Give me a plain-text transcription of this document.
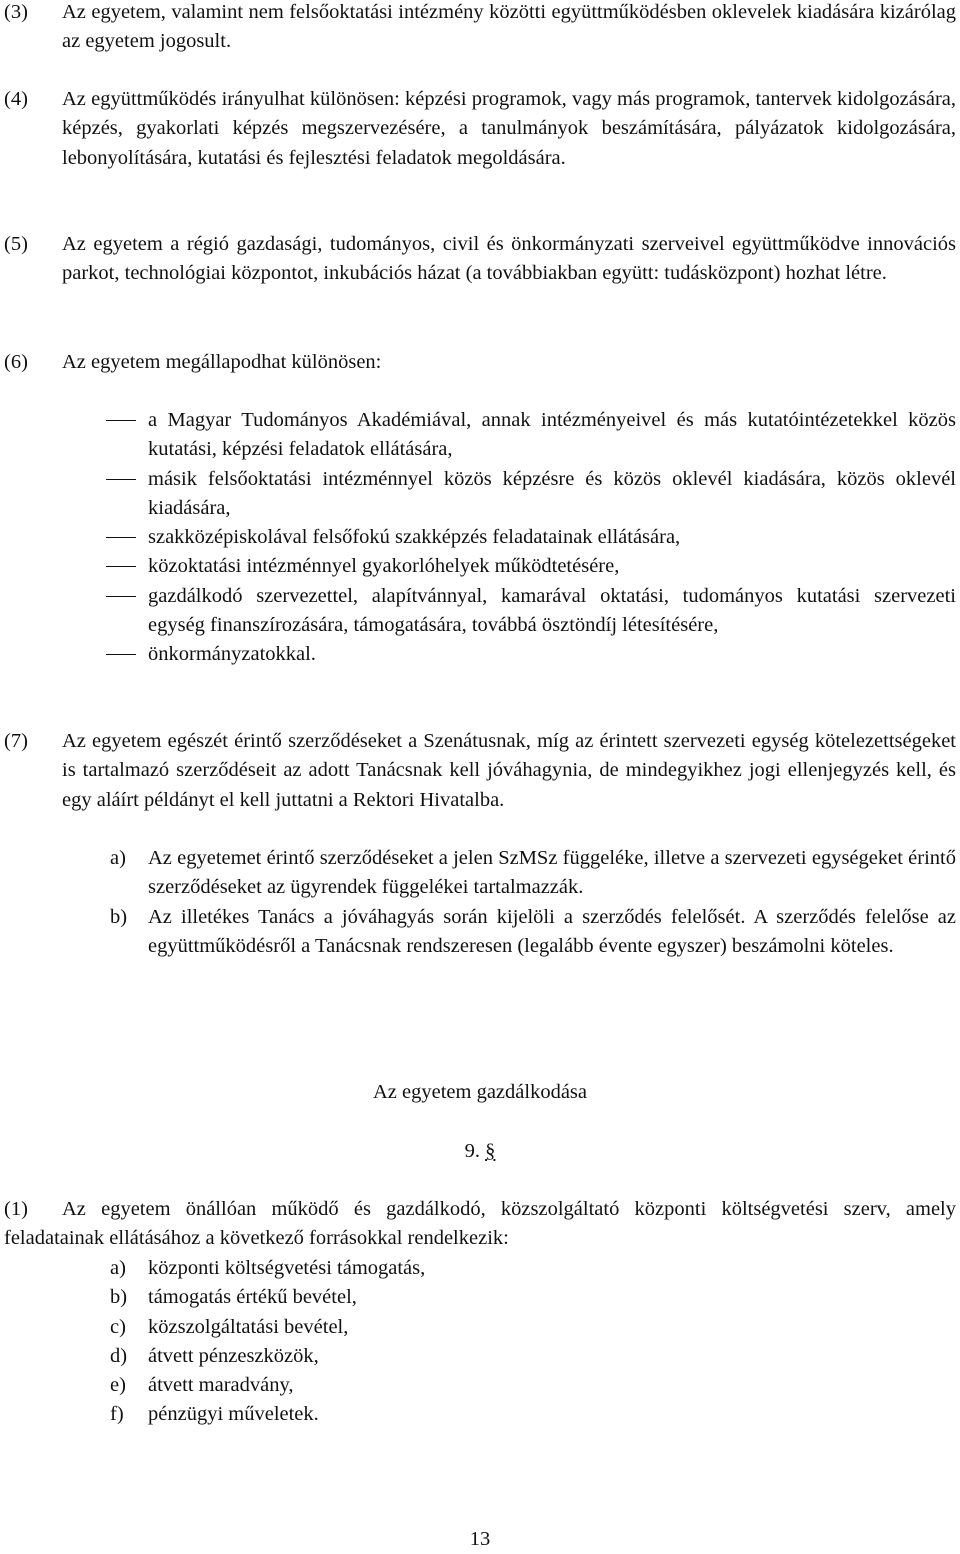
(3)	Az egyetem, valamint nem felsőoktatási intézmény közötti együttműködésben oklevelek kiadására kizárólag az egyetem jogosult.
(4)	Az együttműködés irányulhat különösen: képzési programok, vagy más programok, tantervek kidolgozására, képzés, gyakorlati képzés megszervezésére, a tanulmányok beszámítására, pályázatok kidolgozására, lebonyolítására, kutatási és fejlesztési feladatok megoldására.
(5)	Az egyetem a régió gazdasági, tudományos, civil és önkormányzati szerveivel együttműködve innovációs parkot, technológiai központot, inkubációs házat (a továbbiakban együtt: tudásközpont) hozhat létre.
(6)	Az egyetem megállapodhat különösen:
a Magyar Tudományos Akadémiával, annak intézményeivel és más kutatóintézetekkel közös kutatási, képzési feladatok ellátására,
másik felsőoktatási intézménnyel közös képzésre és közös oklevél kiadására, közös oklevél kiadására,
szakközépiskolával felsőfokú szakképzés feladatainak ellátására,
közoktatási intézménnyel gyakorlóhelyek működtetésére,
gazdálkodó szervezettel, alapítvánnyal, kamarával oktatási, tudományos kutatási szervezeti egység finanszírozására, támogatására, továbbá ösztöndíj létesítésére,
önkormányzatokkal.
(7)	Az egyetem egészét érintő szerződéseket a Szenátusnak, míg az érintett szervezeti egység kötelezettségeket is tartalmazó szerződéseit az adott Tanácsnak kell jóváhagynia, de mindegyikhez jogi ellenjegyzés kell, és egy aláírt példányt el kell juttatni a Rektori Hivatalba.
a) Az egyetemet érintő szerződéseket a jelen SzMSz függeléke, illetve a szervezeti egységeket érintő szerződéseket az ügyrendek függelékei tartalmazzák.
b) Az illetékes Tanács a jóváhagyás során kijelöli a szerződés felelősét. A szerződés felelőse az együttműködésről a Tanácsnak rendszeresen (legalább évente egyszer) beszámolni köteles.
Az egyetem gazdálkodása
9. §
(1)	Az egyetem önállóan működő és gazdálkodó, közszolgáltató központi költségvetési szerv, amely feladatainak ellátásához a következő forrásokkal rendelkezik:
a) központi költségvetési támogatás,
b) támogatás értékű bevétel,
c) közszolgáltatási bevétel,
d) átvett pénzeszközök,
e) átvett maradvány,
f) pénzügyi műveletek.
13
